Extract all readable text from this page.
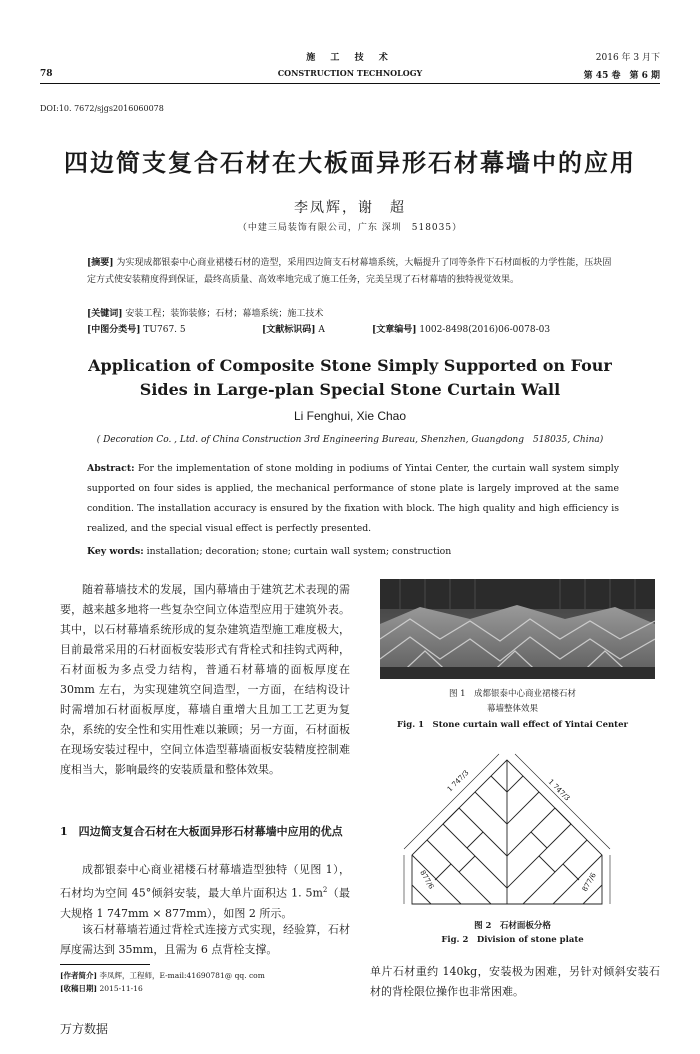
78
施 工 技 术
CONSTRUCTION TECHNOLOGY
2016 年 3 月下
第 45 卷　第 6 期
DOI:10. 7672/sjgs2016060078
四边简支复合石材在大板面异形石材幕墙中的应用
李凤辉，谢　超
（中建三局装饰有限公司，广东 深圳　518035）
[摘要] 为实现成都银泰中心商业裙楼石材的造型，采用四边简支石材幕墙系统，大幅提升了同等条件下石材面板的力学性能，压块固定方式使安装精度得到保证，最终高质量、高效率地完成了施工任务，完美呈现了石材幕墙的独特视觉效果。
[关键词] 安装工程；装饰装修；石材；幕墙系统；施工技术
[中图分类号] TU767. 5	[文献标识码] A	[文章编号] 1002-8498(2016)06-0078-03
Application of Composite Stone Simply Supported on Four
Sides in Large-plan Special Stone Curtain Wall
Li Fenghui, Xie Chao
( Decoration Co. , Ltd. of China Construction 3rd Engineering Bureau, Shenzhen, Guangdong　518035, China)
Abstract: For the implementation of stone molding in podiums of Yintai Center, the curtain wall system simply supported on four sides is applied, the mechanical performance of stone plate is largely improved at the same condition. The installation accuracy is ensured by the fixation with block. The high quality and high efficiency is realized, and the special visual effect is perfectly presented.
Key words: installation; decoration; stone; curtain wall system; construction

随着幕墙技术的发展，国内幕墙由于建筑艺术表现的需要，越来越多地将一些复杂空间立体造型应用于建筑外表。其中，以石材幕墙系统形成的复杂建筑造型施工难度极大，目前最常采用的石材面板安装形式有背栓式和挂钩式两种，石材面板为多点受力结构，普通石材幕墙的面板厚度在 30mm 左右，为实现建筑空间造型，一方面，在结构设计时需增加石材面板厚度，幕墙自重增大且加工工艺更为复杂，系统的安全性和实用性难以兼顾；另一方面，石材面板在现场安装过程中，空间立体造型幕墙面板安装精度控制难度相当大，影响最终的安装质量和整体效果。

1　四边简支复合石材在大板面异形石材幕墙中应用的优点

成都银泰中心商业裙楼石材幕墙造型独特（见图 1），石材均为空间 45°倾斜安装，最大单片面积达 1. $5m^2$（最大规格 1 747mm × 877mm），如图 2 所示。

该石材幕墙若通过背栓式连接方式实现，经验算，石材厚度需达到 35mm，且需为 6 点背栓支撑。

[作者简介] 李凤辉，工程师，E-mail:41690781@ qq. com
[收稿日期] 2015-11-16
万方数据
图 1　成都银泰中心商业裙楼石材
幕墙整体效果
Fig. 1　Stone curtain wall effect of Yintai Center
1 747/3	1 747/3
877/6	877/6
图 2　石材面板分格
Fig. 2　Division of stone plate

单片石材重约 140kg，安装极为困难，另针对倾斜安装石材的背栓限位操作也非常困难。
